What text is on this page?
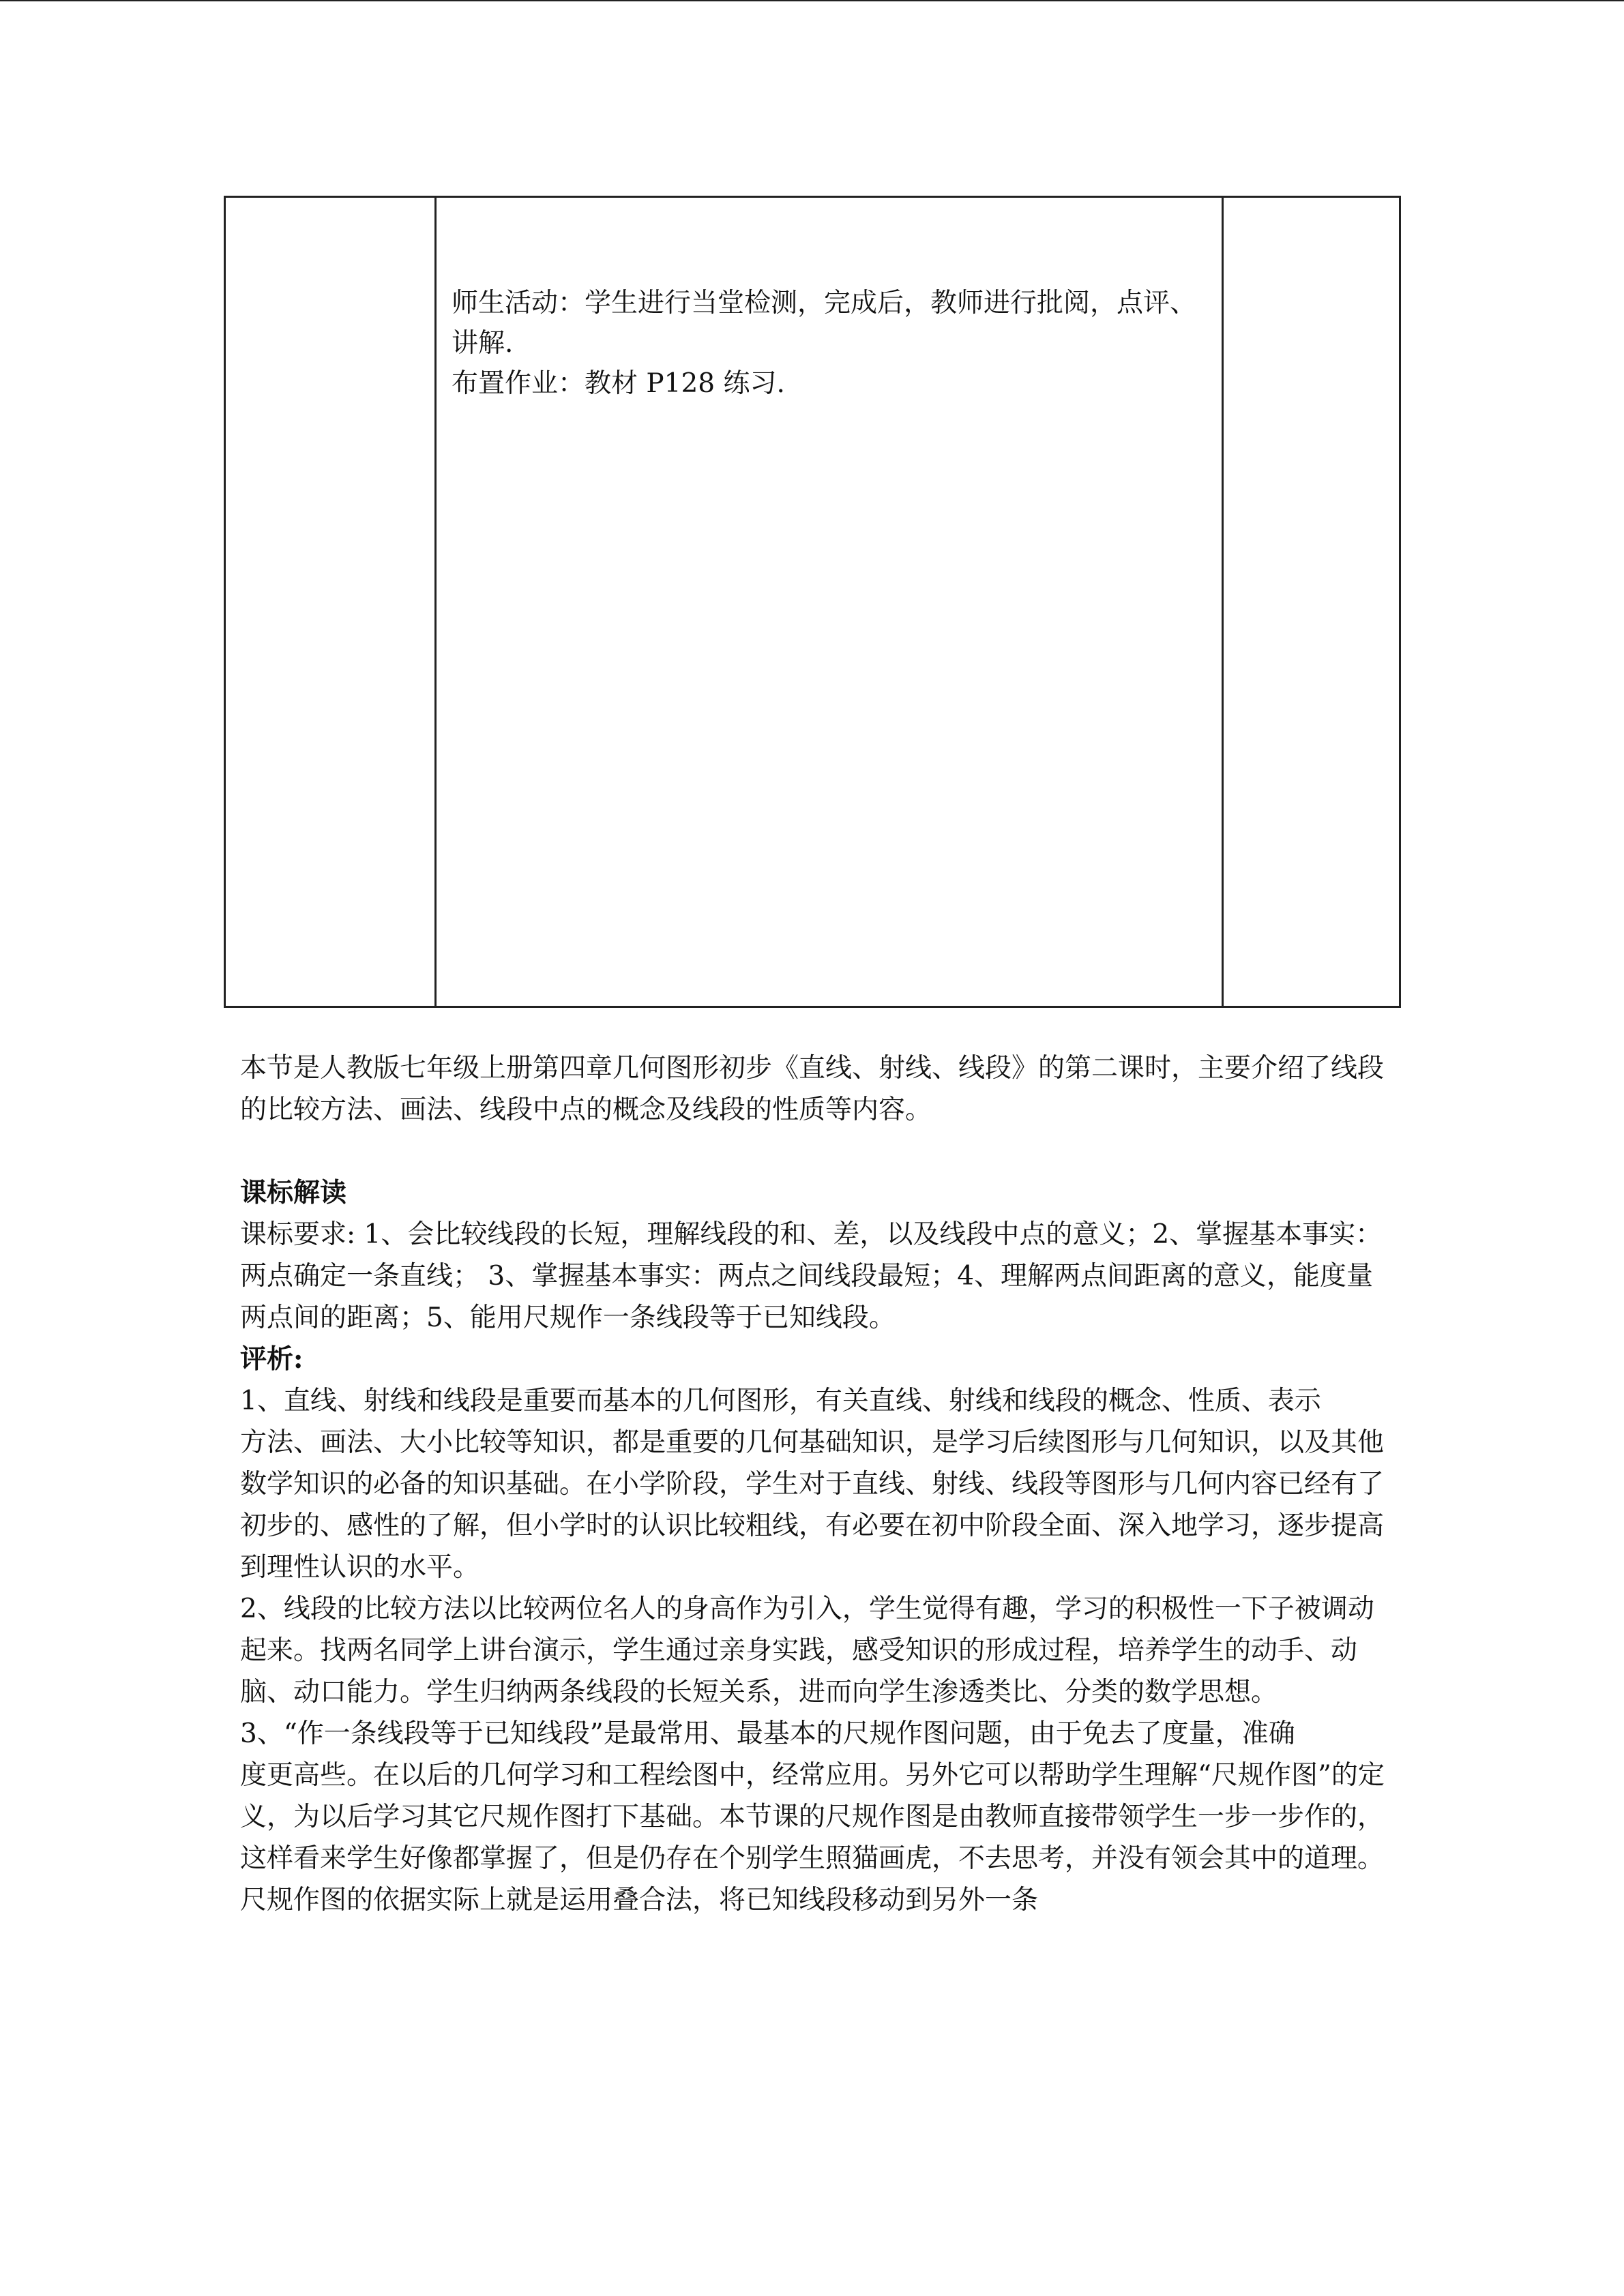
师生活动：学生进行当堂检测，完成后，教师进行批阅，点评、讲解.

布置作业：教材 P128 练习.

本节是人教版七年级上册第四章几何图形初步《直线、射线、线段》的第二课时，主要介绍了线段的比较方法、画法、线段中点的概念及线段的性质等内容。

课标解读

课标要求: 1、会比较线段的长短，理解线段的和、差，以及线段中点的意义；2、掌握基本事实： 两点确定一条直线； 3、掌握基本事实：两点之间线段最短；4、理解两点间距离的意义，能度量两点间的距离；5、能用尺规作一条线段等于已知线段。

评析:

1、直线、射线和线段是重要而基本的几何图形，有关直线、射线和线段的概念、性质、表示

方法、画法、大小比较等知识，都是重要的几何基础知识，是学习后续图形与几何知识，以及其他数学知识的必备的知识基础。在小学阶段，学生对于直线、射线、线段等图形与几何内容已经有了初步的、感性的了解，但小学时的认识比较粗线，有必要在初中阶段全面、深入地学习，逐步提高到理性认识的水平。

2、线段的比较方法以比较两位名人的身高作为引入，学生觉得有趣，学习的积极性一下子被调动起来。找两名同学上讲台演示，学生通过亲身实践，感受知识的形成过程，培养学生的动手、动脑、动口能力。学生归纳两条线段的长短关系，进而向学生渗透类比、分类的数学思想。

3、“作一条线段等于已知线段”是最常用、最基本的尺规作图问题，由于免去了度量，准确

度更高些。在以后的几何学习和工程绘图中，经常应用。另外它可以帮助学生理解“尺规作图”的定义，为以后学习其它尺规作图打下基础。本节课的尺规作图是由教师直接带领学生一步一步作的，这样看来学生好像都掌握了，但是仍存在个别学生照猫画虎，不去思考，并没有领会其中的道理。尺规作图的依据实际上就是运用叠合法，将已知线段移动到另外一条
